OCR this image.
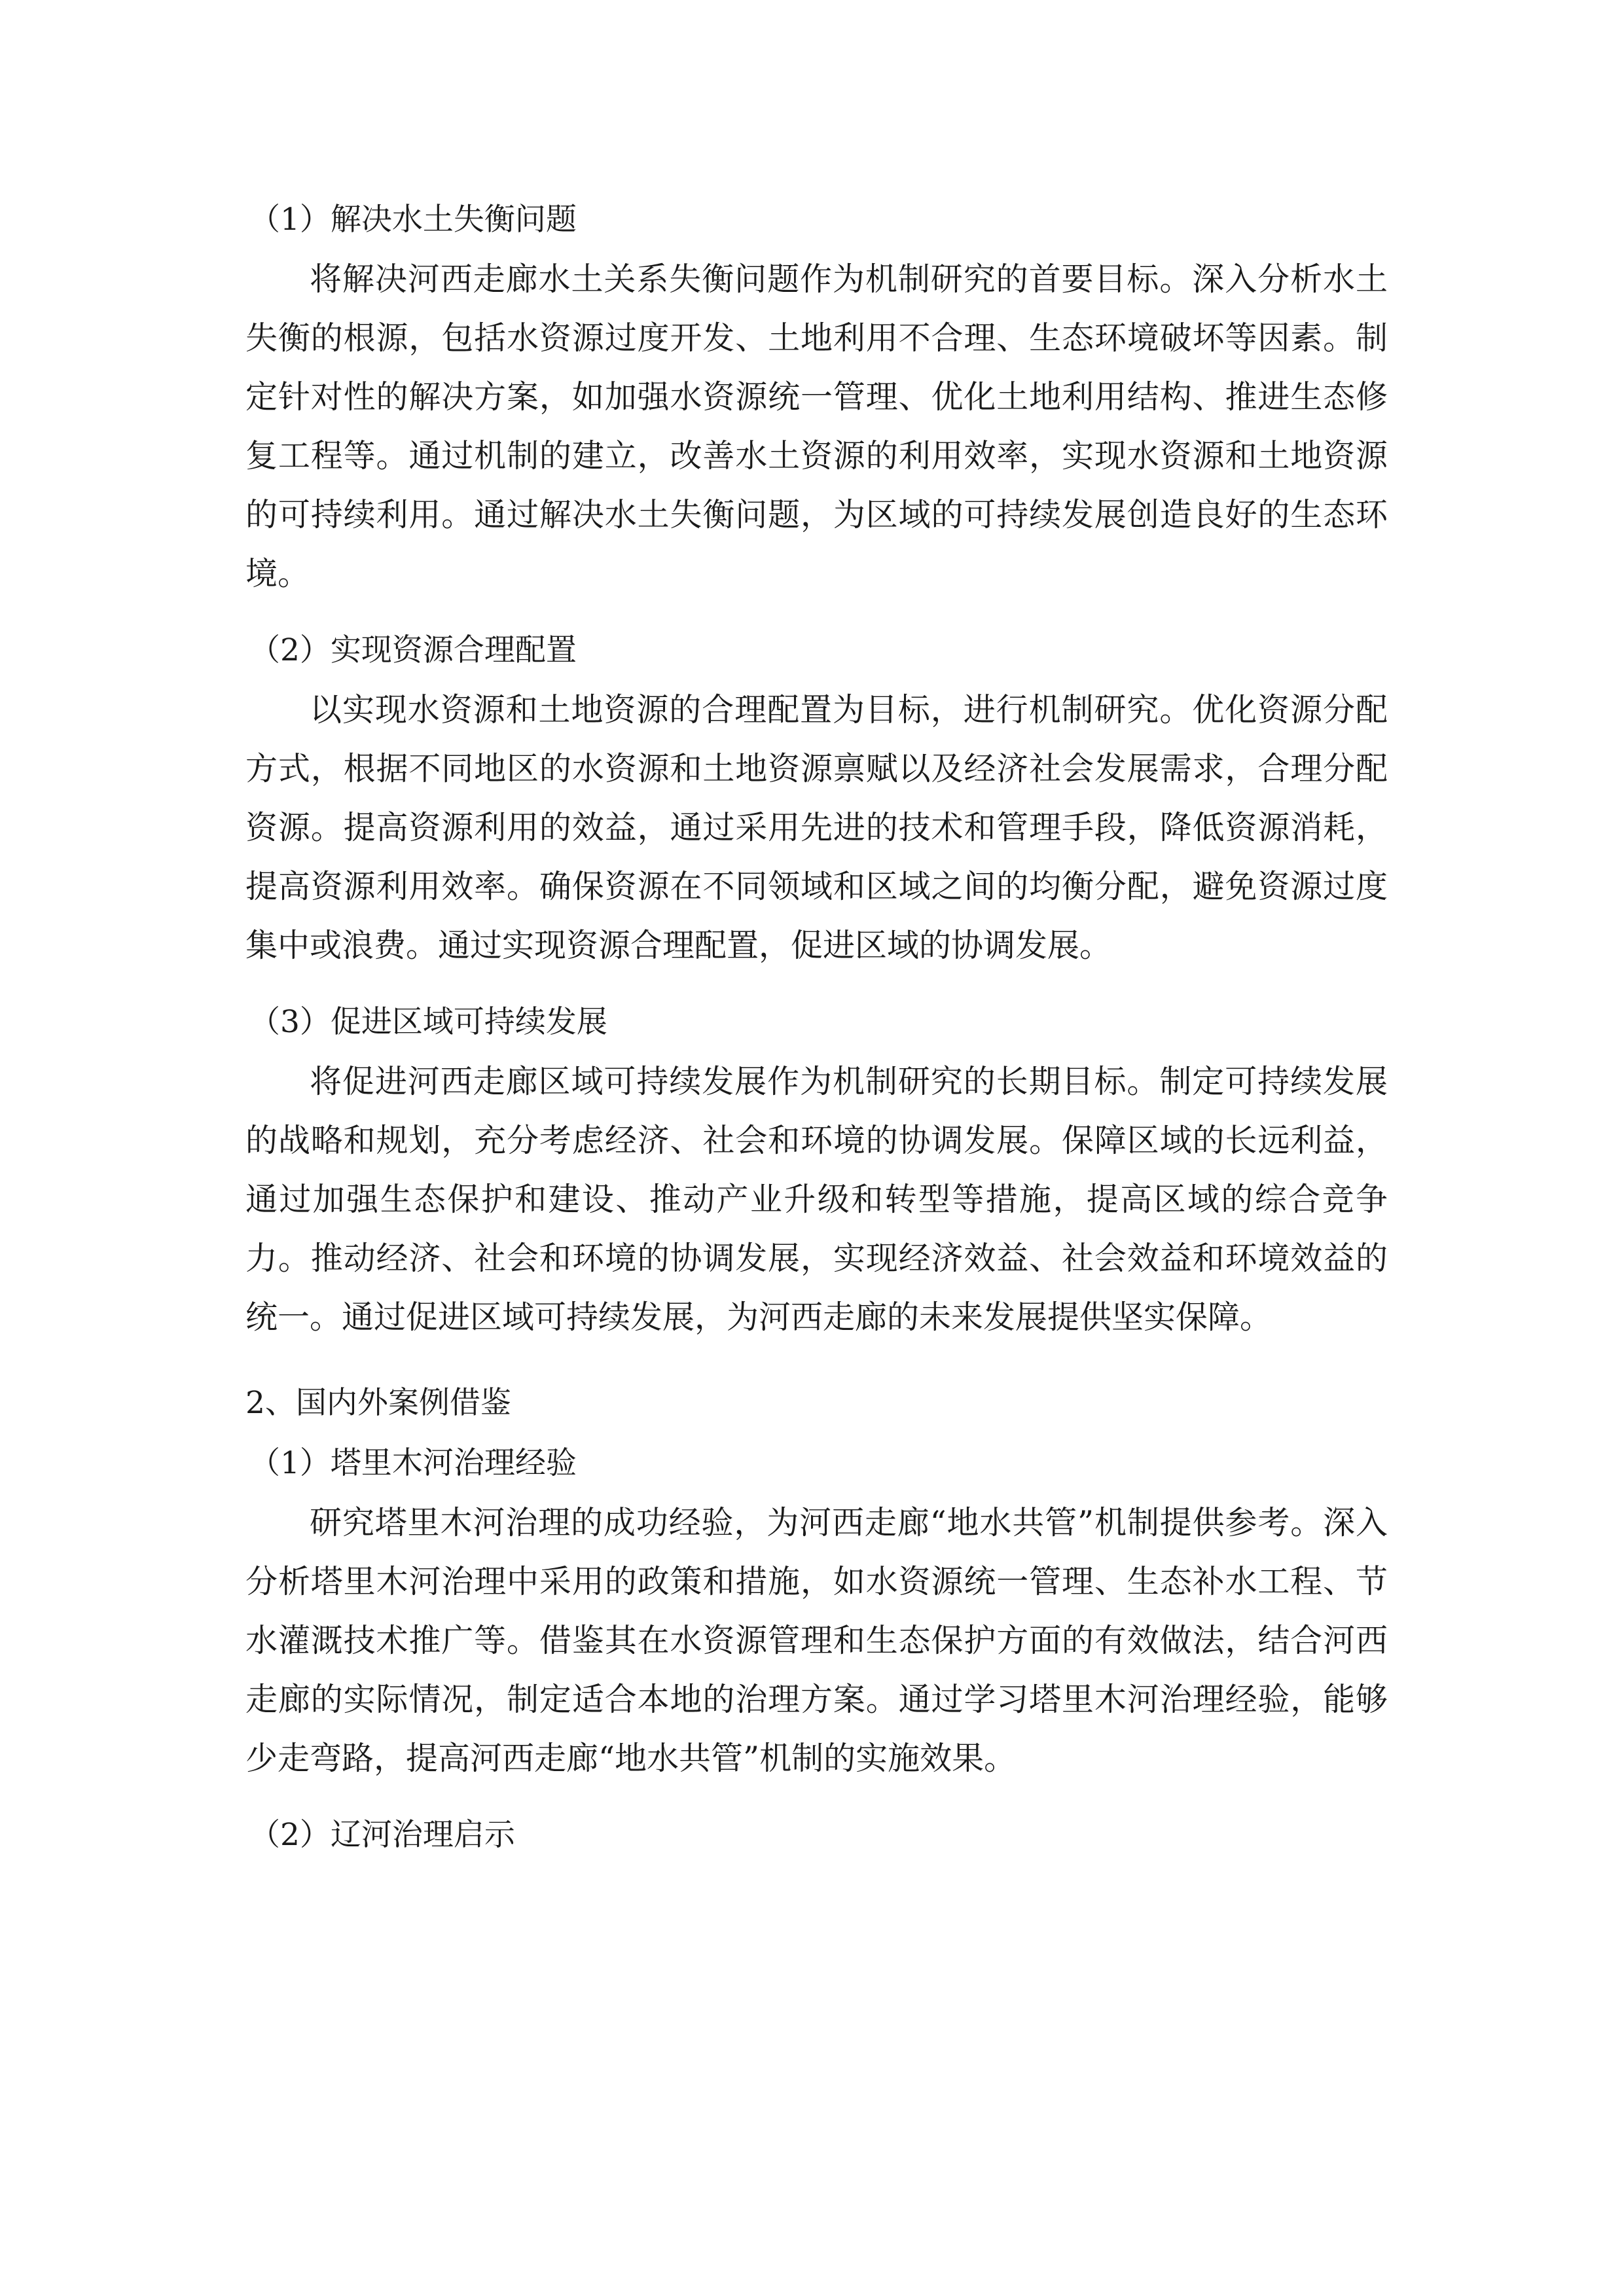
（1）解决水土失衡问题

将解决河西走廊水土关系失衡问题作为机制研究的首要目标。深入分析水土失衡的根源，包括水资源过度开发、土地利用不合理、生态环境破坏等因素。制定针对性的解决方案，如加强水资源统一管理、优化土地利用结构、推进生态修复工程等。通过机制的建立，改善水土资源的利用效率，实现水资源和土地资源的可持续利用。通过解决水土失衡问题，为区域的可持续发展创造良好的生态环境。

（2）实现资源合理配置

以实现水资源和土地资源的合理配置为目标，进行机制研究。优化资源分配方式，根据不同地区的水资源和土地资源禀赋以及经济社会发展需求，合理分配资源。提高资源利用的效益，通过采用先进的技术和管理手段，降低资源消耗，提高资源利用效率。确保资源在不同领域和区域之间的均衡分配，避免资源过度集中或浪费。通过实现资源合理配置，促进区域的协调发展。

（3）促进区域可持续发展

将促进河西走廊区域可持续发展作为机制研究的长期目标。制定可持续发展的战略和规划，充分考虑经济、社会和环境的协调发展。保障区域的长远利益，通过加强生态保护和建设、推动产业升级和转型等措施，提高区域的综合竞争力。推动经济、社会和环境的协调发展，实现经济效益、社会效益和环境效益的统一。通过促进区域可持续发展，为河西走廊的未来发展提供坚实保障。

2、国内外案例借鉴

（1）塔里木河治理经验

研究塔里木河治理的成功经验，为河西走廊“地水共管”机制提供参考。深入分析塔里木河治理中采用的政策和措施，如水资源统一管理、生态补水工程、节水灌溉技术推广等。借鉴其在水资源管理和生态保护方面的有效做法，结合河西走廊的实际情况，制定适合本地的治理方案。通过学习塔里木河治理经验，能够少走弯路，提高河西走廊“地水共管”机制的实施效果。

（2）辽河治理启示
